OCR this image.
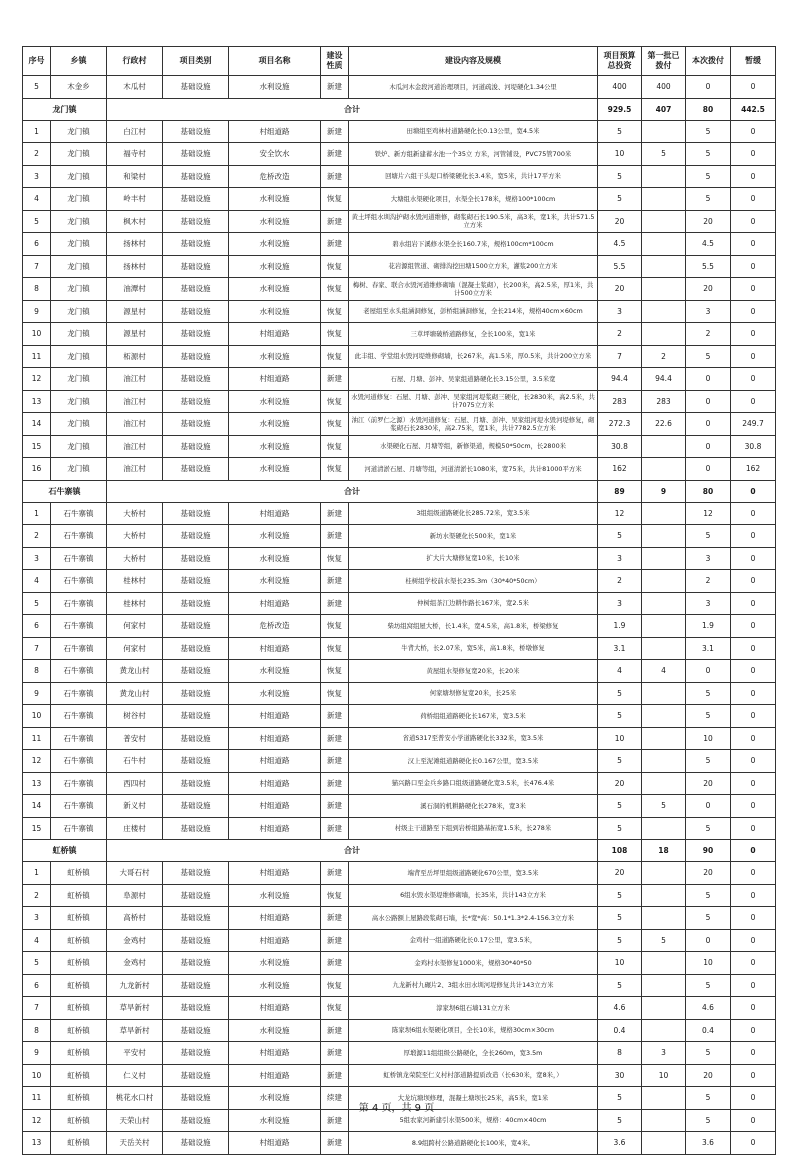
序号	乡镇	行政村	项目类别	项目名称	建设性质	建设内容及规模	项目预算总投资	第一批已拨付	本次拨付	暂缓
5	木金乡	木瓜村	基础设施	水利设施	新建	木瓜河木金段河道治理项目，河道疏浚、河堤硬化1.34公里	400	400	0	0
龙门镇		合计					929.5	407	80	442.5
1	龙门镇	白江村	基础设施	村组道路	新建	田塘组至鸡林村道路硬化长0.13公里，宽4.5米	5		5	0
2	龙门镇	福寺村	基础设施	安全饮水	新建	铁炉、新方组新建蓄水池一个35立 方米，河管铺设，PVC75管700米	10	5	5	0
3	龙门镇	和梁村	基础设施	危桥改造	新建	回塘片六组干头堤口桥梁硬化长3.4米，宽5米，共计17平方米	5		5	0
4	龙门镇	岭丰村	基础设施	水利设施	恢复	大塘组水渠硬化项目，水渠全长178米，规格100*100cm	5		5	0
5	龙门镇	枫木村	基础设施	水利设施	新建	黄土坪组水圳沟护砌水毁河道维修，砌浆砌石长190.5米，高3米，宽1米，共计571.5立方米	20		20	0
6	龙门镇	扬林村	基础设施	水利设施	新建	碧水组岩下溪修水渠全长160.7米，规格100cm*100cm	4.5		4.5	0
7	龙门镇	扬林村	基础设施	水利设施	恢复	花岩源组管道、砌排沟挖田塘1500立方米，灌浆200立方米	5.5		5.5	0
8	龙门镇	油潭村	基础设施	水利设施	恢复	梅树、春家、联合水毁河道维修砌墙（混凝土浆砌），长200米，高2.5米，厚1米，共计500立方米	20		20	0
9	龙门镇	源星村	基础设施	水利设施	恢复	老屋组至水头组涵洞修复，彭桥组涵洞修复，全长214米，规格40cm×60cm	3		3	0
10	龙门镇	源星村	基础设施	村组道路	恢复	三草坪塘破桥道路修复，全长100米，宽1米	2		2	0
11	龙门镇	柘源村	基础设施	水利设施	恢复	此丰组、学堂组水毁河堤维修砌墙，长267米，高1.5米，厚0.5米，共计200立方米	7	2	5	0
12	龙门镇	油江村	基础设施	村组道路	新建	石屋、月塘、彭冲、吴家组道路硬化长3.15公里，3.5米宽	94.4	94.4	0	0
13	龙门镇	油江村	基础设施	水利设施	恢复	水毁河道修复：石屋、月塘、彭冲、吴家组河堤浆砌三硬化，长2830米，高2.5米，共计7075立方米	283	283	0	0
14	龙门镇	油江村	基础设施	水利设施	恢复	油江（前罗仁之源）水毁河道修复：石屋、月塘、彭冲、吴家组河堤水毁河堤修复，砌浆砌石长2830米，高2.75米，宽1米，共计7782.5立方米	272.3	22.6	0	249.7
15	龙门镇	油江村	基础设施	水利设施	恢复	水渠硬化石屋、月塘等组，新修渠道，规模50*50cm，长2800米	30.8		0	30.8
16	龙门镇	油江村	基础设施	水利设施	恢复	河道清淤石屋、月塘等组，河道清淤长1080米，宽75米，共计81000平方米	162		0	162
石牛寨镇		合计					89	9	80	0
1	石牛寨镇	大桥村	基础设施	村组道路	新建	3组组级道路硬化长285.72米，宽3.5米	12		12	0
2	石牛寨镇	大桥村	基础设施	水利设施	新建	新坊水渠硬化长500米，宽1米	5		5	0
3	石牛寨镇	大桥村	基础设施	水利设施	恢复	扩大片大塘修复宽10米，长10米	3		3	0
4	石牛寨镇	桂林村	基础设施	水利设施	新建	桂树组学校前水渠长235.3m（30*40*50cm）	2		2	0
5	石牛寨镇	桂林村	基础设施	村组道路	新建	仲树组茶江边耕作路长167米，宽2.5米	3		3	0
6	石牛寨镇	何家村	基础设施	危桥改造	恢复	柴坊组窝组屋大桥，长1.4米，宽4.5米，高1.8米，桥梁修复	1.9		1.9	0
7	石牛寨镇	何家村	基础设施	村组道路	恢复	牛背大桥，长2.07米，宽5米，高1.8米，桥墩修复	3.1		3.1	0
8	石牛寨镇	黄龙山村	基础设施	水利设施	恢复	黄屋组水渠修复宽20米，长20米	4	4	0	0
9	石牛寨镇	黄龙山村	基础设施	水利设施	恢复	何家塘坝修复宽20米，长25米	5		5	0
10	石牛寨镇	树谷村	基础设施	村组道路	新建	荷桥组组道路硬化长167米，宽3.5米	5		5	0
11	石牛寨镇	普安村	基础设施	村组道路	新建	省道S317至普安小学道路硬化长332米，宽3.5米	10		10	0
12	石牛寨镇	石牛村	基础设施	村组道路	新建	汉上至泥滩组道路硬化长0.167公里，宽3.5米	5		5	0
13	石牛寨镇	西四村	基础设施	村组道路	新建	猫兴路口至金兵乡路口组级道路硬化宽3.5米，长476.4米	20		20	0
14	石牛寨镇	新义村	基础设施	村组道路	新建	溪石洞的机耕路硬化长278米，宽3米	5	5	0	0
15	石牛寨镇	庄楼村	基础设施	村组道路	新建	村级主干道路至下组到岩桥组路基拓宽1.5米，长278米	5		5	0
虹桥镇		合计					108	18	90	0
1	虹桥镇	大哥石村	基础设施	村组道路	新建	端背至岳坪里组级道路硬化670公里，宽3.5米	20		20	0
2	虹桥镇	阜源村	基础设施	水利设施	恢复	6组水毁水渠堤维修砌墙，长35米，共计143立方米	5		5	0
3	虹桥镇	高桥村	基础设施	村组道路	新建	高水公路额上屋路段浆砌石墙，长*宽*高：50.1*1.3*2.4-156.3立方米	5		5	0
4	虹桥镇	金鸡村	基础设施	村组道路	新建	金鸡村一组道路硬化长0.17公里，宽3.5米，	5	5	0	0
5	虹桥镇	金鸡村	基础设施	水利设施	新建	金鸡村水渠修复1000米，规格30*40*50	10		10	0
6	虹桥镇	九龙新村	基础设施	水利设施	恢复	九龙新村九碾片2、3组水田水圳河堤修复共计143立方米	5		5	0
7	虹桥镇	草旱新村	基础设施	村组道路	恢复	淳家坝6组石墙131立方米	4.6		4.6	0
8	虹桥镇	草旱新村	基础设施	水利设施	新建	陈家坝6组水渠硬化项目，全长10米，规格30cm×30cm	0.4		0.4	0
9	虹桥镇	平安村	基础设施	村组道路	新建	厚塅源11组组级公路硬化，全长260m，宽3.5m	8	3	5	0
10	虹桥镇	仁义村	基础设施	村组道路	新建	虹桥镇龙荣院至仁义村村部道路提质改造（长630米，宽8米，）	30	10	20	0
11	虹桥镇	桃花水口村	基础设施	水利设施	续建	大龙坑塘坝修理，混凝土塘坝长25米，高5米，宽1米	5		5	0
12	虹桥镇	天荣山村	基础设施	水利设施	新建	5组农家河新建引水渠500米，规格：40cm×40cm	5		5	0
13	虹桥镇	天岳关村	基础设施	村组道路	新建	8.9组跨村公路道路硬化长100米，宽4米。	3.6		3.6	0
第 4 页，共 9 页
